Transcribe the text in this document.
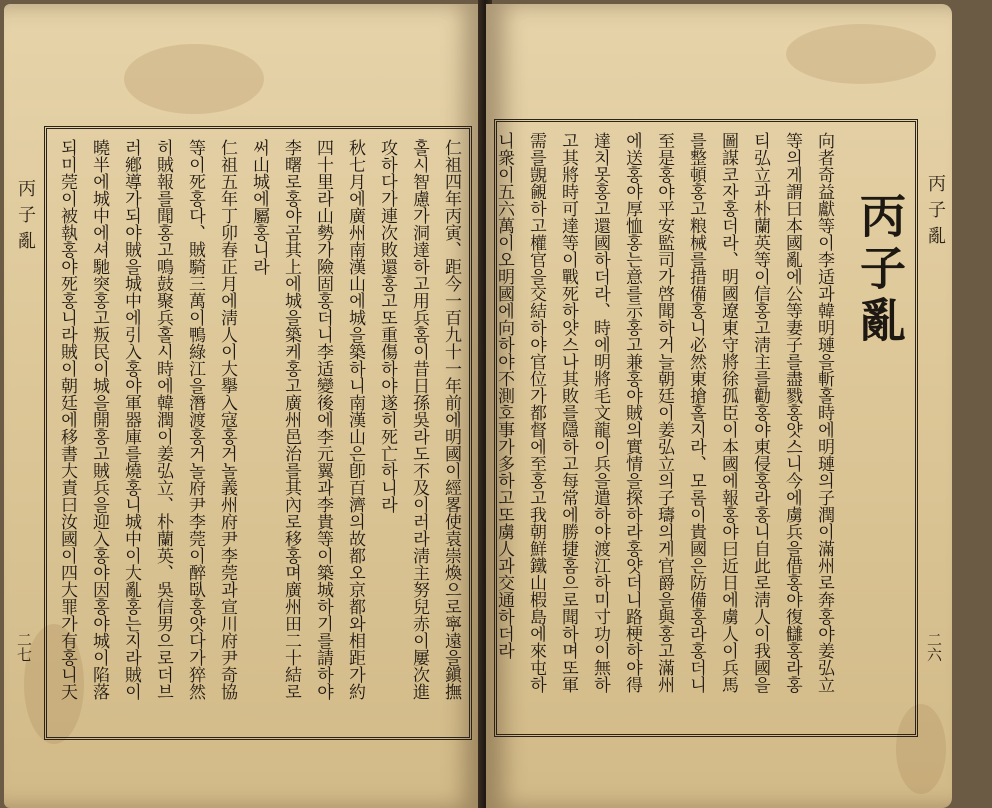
丙子亂
二七	仁祖四年丙寅、距今一百九十一年前에明國이經畧使袁崇煥으로寧遠을鎭撫
홀시智慮가洞達하고用兵홈이昔日孫吳라도不及이러라淸主努兒赤이屢次進
攻하다가連次敗還홍고또重傷하야遂히死亡하니라
秋七月에廣州南漢山에城을築하니南漢山은卽百濟의故都오京都와相距가約
四十里라山勢가險固홍더니李适變後에李元翼과李貴等이築城하기를請하야
李曙로홍야곰其上에城을築케홍고廣州邑治를其內로移홍며廣州田二十結로
써山城에屬홍니라
仁祖五年丁卯春正月에淸人이大擧入寇홍거놀義州府尹李莞과宣川府尹奇協
等이死홍다、賊騎三萬이鴨綠江을潛渡홍거놀府尹李莞이醉臥홍얏다가猝然
히賊報를聞홍고鳴鼓聚兵홀시時에韓潤이姜弘立、朴蘭英、吳信男으로더브
러鄕導가되야賊을城中에引入홍야軍器庫를燒홍니城中이大亂홍는지라賊이
曉半에城中에셔馳突홍고叛民이城을開홍고賊兵을迎入홍야因홍야城이陷落
되미莞이被執홍야死홍니라賊이朝廷에移書大責曰汝國이四大罪가有홍니天	丙子亂
向者奇益獻等이李适과韓明璉을斬홀時에明璉의子潤이滿州로奔홍야姜弘立
等의게謂曰本國亂에公等妻子를盡戮홍얏스니今에虜兵을借홍야復讎홍라홍
티弘立과朴蘭英等이信홍고淸主를勸홍야東侵홍라홍니自此로淸人이我國을
圖謀코자홍더라、明國遼東守將徐孤臣이本國에報홍야曰近日에虜人이兵馬
를整頓홍고粮械를措備홍니必然東搶홀지라、모롬이貴國은防備홍라홍더니
至是홍야平安監司가啓聞하거늘朝廷이姜弘立의子璹의게官爵을與홍고滿州
에送홍야厚恤홍는意를示홍고兼홍야賊의實情을探하라홍얏더니路梗하야得
達치못홍고還國하더라、時에明將毛文龍이兵을遣하야渡江하미寸功이無하
고其將時可達等이戰死하얏스나其敗를隱하고每常에勝捷홈으로聞하며또軍
需를覬覦하고權官을交結하야官位가都督에至홍고我朝鮮鐵山椵島에來屯하
니衆이五六萬이오明國에向하야不測호事가多하고또虜人과交通하더라	丙子亂
二六
